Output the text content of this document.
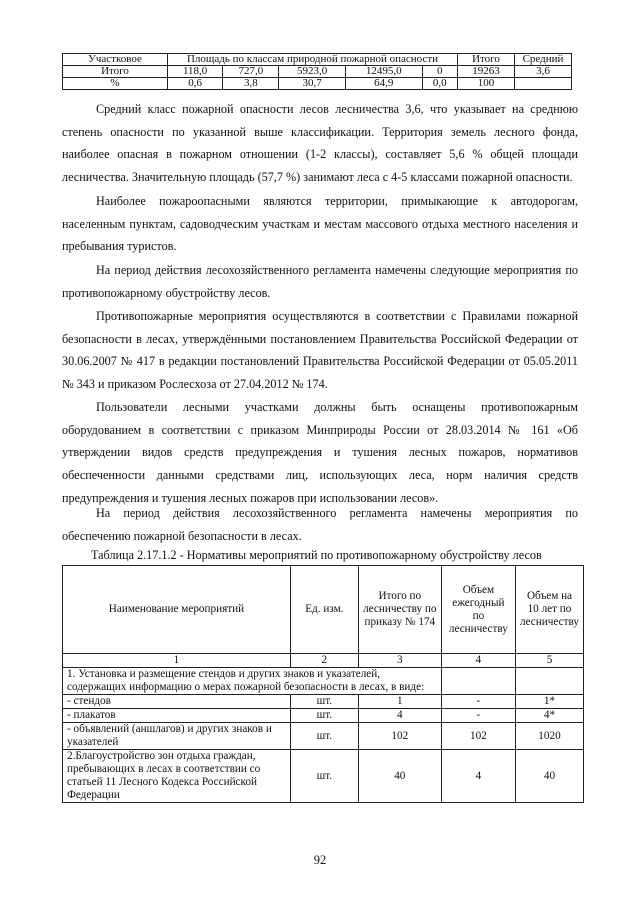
Участковое	Площадь по классам природной пожарной опасности					Итого	Средний
Итого	118,0	727,0	5923,0	12495,0	0	19263	3,6
%	0,6	3,8	30,7	64,9	0,0	100	

Средний класс пожарной опасности лесов лесничества 3,6, что указывает на среднюю степень опасности по указанной выше классификации. Территория земель лесного фонда, наиболее опасная в пожарном отношении (1-2 классы), составляет 5,6 % общей площади лесничества. Значительную площадь (57,7 %) занимают леса с 4-5 классами пожарной опасности.

Наиболее пожароопасными являются территории, примыкающие к автодорогам, населенным пунктам, садоводческим участкам и местам массового отдыха местного населения и пребывания туристов.

На период действия лесохозяйственного регламента намечены следующие мероприятия по противопожарному обустройству лесов.

Противопожарные мероприятия осуществляются в соответствии с Правилами пожарной безопасности в лесах, утверждёнными постановлением Правительства Российской Федерации от 30.06.2007 № 417 в редакции постановлений Правительства Российской Федерации от 05.05.2011 № 343 и приказом Рослесхоза от 27.04.2012 № 174.

Пользователи лесными участками должны быть оснащены противопожарным оборудованием в соответствии с приказом Минприроды России от 28.03.2014 № 161 «Об утверждении видов средств предупреждения и тушения лесных пожаров, нормативов обеспеченности данными средствами лиц, использующих леса, норм наличия средств предупреждения и тушения лесных пожаров при использовании лесов».

На период действия лесохозяйственного регламента намечены мероприятия по обеспечению пожарной безопасности в лесах.

Таблица 2.17.1.2 - Нормативы мероприятий по противопожарному обустройству лесов
Наименование мероприятий	Ед. изм.	Итого по лесничеству по приказу № 174	Объем ежегодный по лесничеству	Объем на 10 лет по лесничеству
1	2	3	4	5
1. Установка и размещение стендов и других знаков и указателей, содержащих информацию о мерах пожарной безопасности в лесах, в виде:				
- стендов	шт.	1	-	1*
- плакатов	шт.	4	-	4*
- объявлений (аншлагов) и других знаков и указателей	шт.	102	102	1020
2.Благоустройство зон отдыха граждан, пребывающих в лесах в соответствии со статьей 11 Лесного Кодекса Российской Федерации	шт.	40	4	40
92
